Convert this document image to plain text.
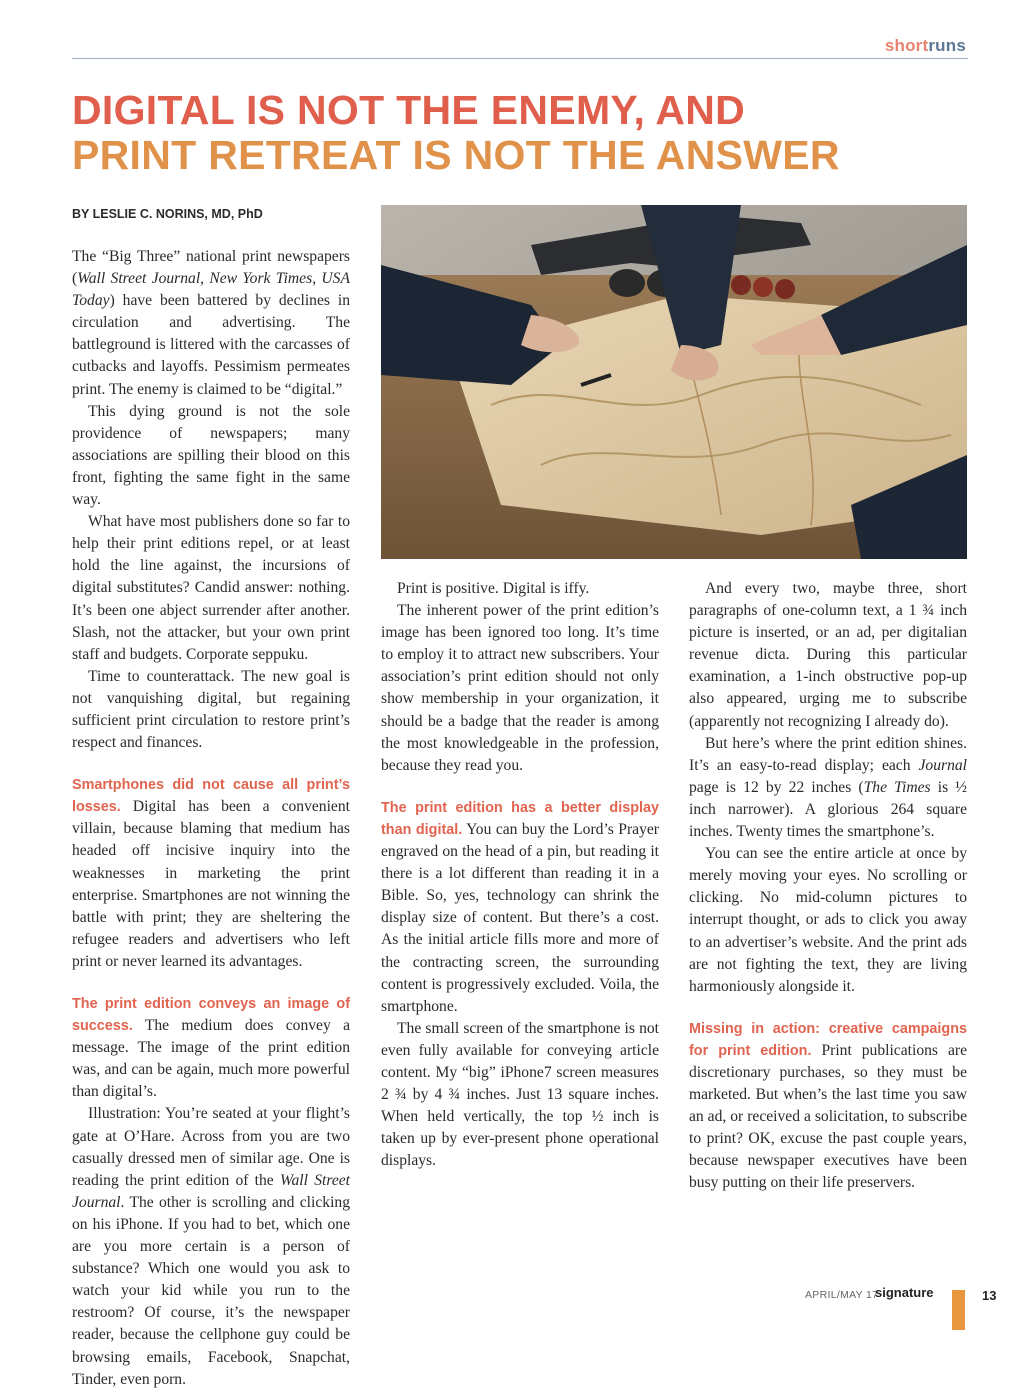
shortruns
DIGITAL IS NOT THE ENEMY, AND
PRINT RETREAT IS NOT THE ANSWER
BY LESLIE C. NORINS, MD, PhD

The “Big Three” national print newspapers (Wall Street Journal, New York Times, USA Today) have been battered by declines in circulation and advertising. The battleground is littered with the carcasses of cutbacks and layoffs. Pessimism permeates print. The enemy is claimed to be “digital.”

This dying ground is not the sole providence of newspapers; many associations are spilling their blood on this front, fighting the same fight in the same way.

What have most publishers done so far to help their print editions repel, or at least hold the line against, the incursions of digital substitutes? Candid answer: nothing. It’s been one abject surrender after another. Slash, not the attacker, but your own print staff and budgets. Corporate seppuku.

Time to counterattack. The new goal is not vanquishing digital, but regaining sufficient print circulation to restore print’s respect and finances.

Smartphones did not cause all print’s losses. Digital has been a convenient villain, because blaming that medium has headed off incisive inquiry into the weaknesses in marketing the print enterprise. Smartphones are not winning the battle with print; they are sheltering the refugee readers and advertisers who left print or never learned its advantages.

The print edition conveys an image of success. The medium does convey a message. The image of the print edition was, and can be again, much more powerful than digital’s.

Illustration: You’re seated at your flight’s gate at O’Hare. Across from you are two casually dressed men of similar age. One is reading the print edition of the Wall Street Journal. The other is scrolling and clicking on his iPhone. If you had to bet, which one are you more certain is a person of substance? Which one would you ask to watch your kid while you run to the restroom? Of course, it’s the newspaper reader, because the cellphone guy could be browsing emails, Facebook, Snapchat, Tinder, even porn.

Print is positive. Digital is iffy.

The inherent power of the print edition’s image has been ignored too long. It’s time to employ it to attract new subscribers. Your association’s print edition should not only show membership in your organization, it should be a badge that the reader is among the most knowledgeable in the profession, because they read you.

The print edition has a better display than digital. You can buy the Lord’s Prayer engraved on the head of a pin, but reading it there is a lot different than reading it in a Bible. So, yes, technology can shrink the display size of content. But there’s a cost. As the initial article fills more and more of the contracting screen, the surrounding content is progressively excluded. Voila, the smartphone.

The small screen of the smartphone is not even fully available for conveying article content. My “big” iPhone7 screen measures 2 ¾ by 4 ¾ inches. Just 13 square inches. When held vertically, the top ½ inch is taken up by ever-present phone operational displays.

And every two, maybe three, short paragraphs of one-column text, a 1 ¾ inch picture is inserted, or an ad, per digitalian revenue dicta. During this particular examination, a 1-inch obstructive pop-up also appeared, urging me to subscribe (apparently not recognizing I already do).

But here’s where the print edition shines. It’s an easy-to-read display; each Journal page is 12 by 22 inches (The Times is ½ inch narrower). A glorious 264 square inches. Twenty times the smartphone’s.

You can see the entire article at once by merely moving your eyes. No scrolling or clicking. No mid-column pictures to interrupt thought, or ads to click you away to an advertiser’s website. And the print ads are not fighting the text, they are living harmoniously alongside it.

Missing in action: creative campaigns for print edition. Print publications are discretionary purchases, so they must be marketed. But when’s the last time you saw an ad, or received a solicitation, to subscribe to print? OK, excuse the past couple years, because newspaper executives have been busy putting on their life preservers.

APRIL/MAY 17
signature	13
